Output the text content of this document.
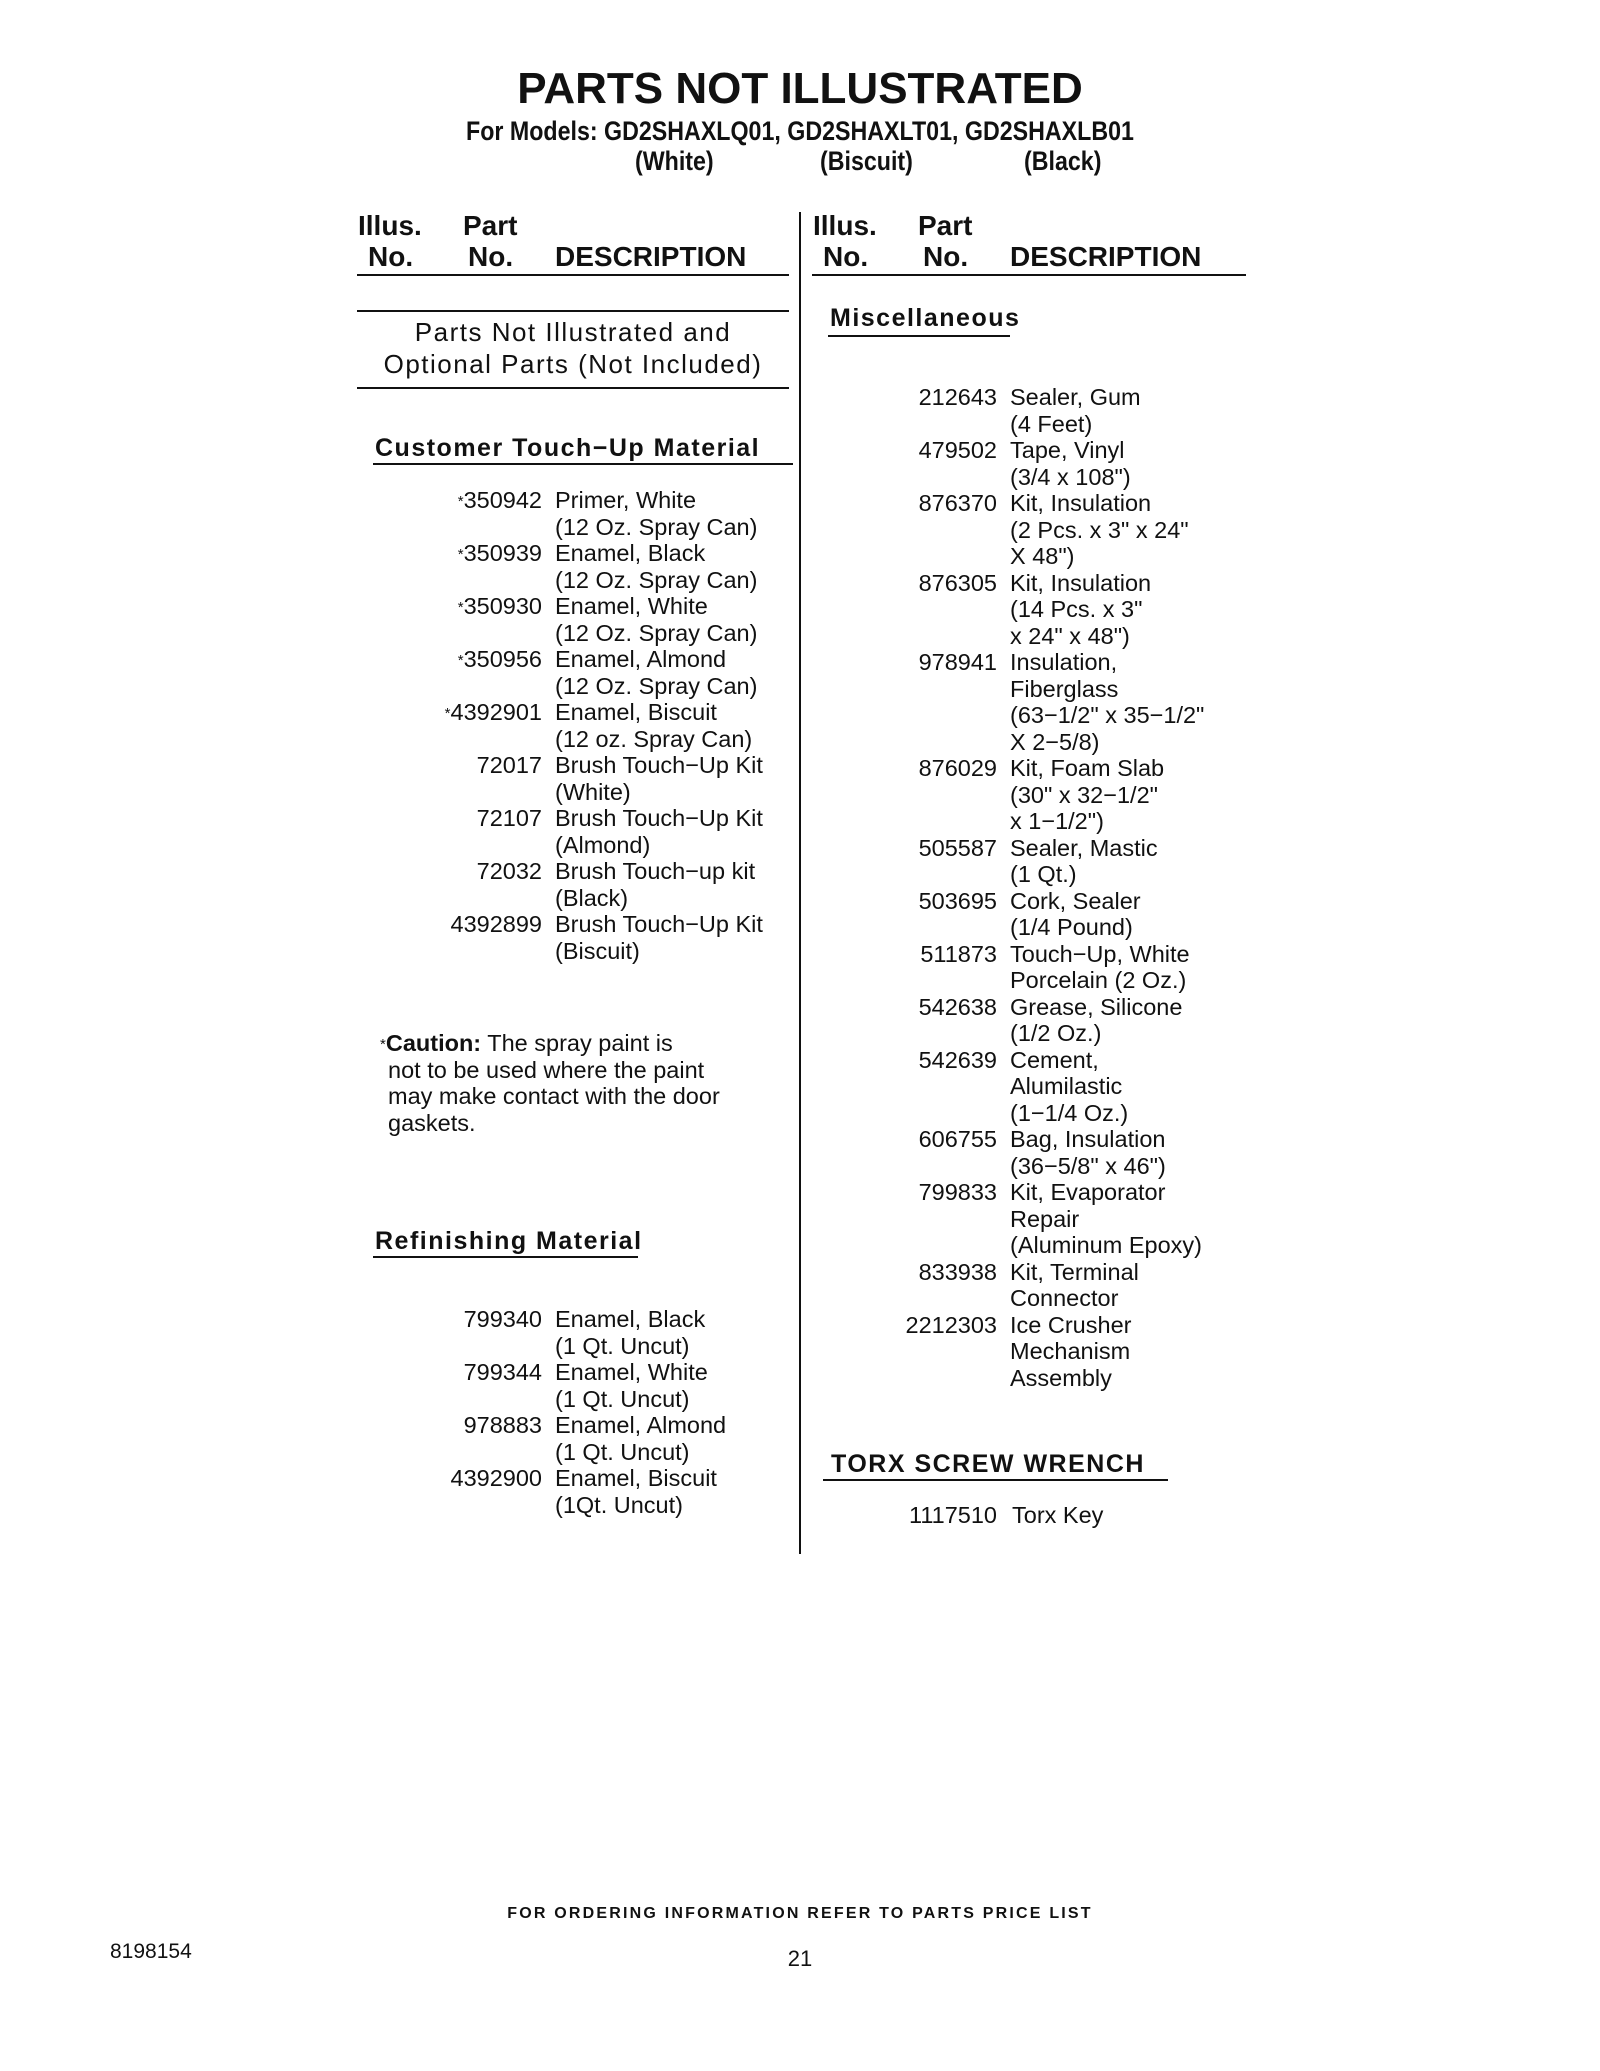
PARTS NOT ILLUSTRATED
For Models: GD2SHAXLQ01, GD2SHAXLT01, GD2SHAXLB01
(White)	(Biscuit)	(Black)
Illus. Part
No. No. DESCRIPTION
Illus. Part
No. No. DESCRIPTION
Parts Not Illustrated and
Optional Parts (Not Included)
Customer Touch−Up Material
*350942 Primer, White
(12 Oz. Spray Can)
*350939 Enamel, Black
(12 Oz. Spray Can)
*350930 Enamel, White
(12 Oz. Spray Can)
*350956 Enamel, Almond
(12 Oz. Spray Can)
*4392901 Enamel, Biscuit
(12 oz. Spray Can)
72017 Brush Touch−Up Kit
(White)
72107 Brush Touch−Up Kit
(Almond)
72032 Brush Touch−up kit
(Black)
4392899 Brush Touch−Up Kit
(Biscuit)
*Caution: The spray paint is
not to be used where the paint
may make contact with the door
gaskets.
Refinishing Material
799340 Enamel, Black
(1 Qt. Uncut)
799344 Enamel, White
(1 Qt. Uncut)
978883 Enamel, Almond
(1 Qt. Uncut)
4392900 Enamel, Biscuit
(1Qt. Uncut)
Miscellaneous
212643 Sealer, Gum
(4 Feet)
479502 Tape, Vinyl
(3/4 x 108")
876370 Kit, Insulation
(2 Pcs. x 3" x 24"
X 48")
876305 Kit, Insulation
(14 Pcs. x 3"
x 24" x 48")
978941 Insulation,
Fiberglass
(63−1/2" x 35−1/2"
X 2−5/8)
876029 Kit, Foam Slab
(30" x 32−1/2"
x 1−1/2")
505587 Sealer, Mastic
(1 Qt.)
503695 Cork, Sealer
(1/4 Pound)
511873 Touch−Up, White
Porcelain (2 Oz.)
542638 Grease, Silicone
(1/2 Oz.)
542639 Cement,
Alumilastic
(1−1/4 Oz.)
606755 Bag, Insulation
(36−5/8" x 46")
799833 Kit, Evaporator
Repair
(Aluminum Epoxy)
833938 Kit, Terminal
Connector
2212303 Ice Crusher
Mechanism
Assembly
TORX SCREW WRENCH
1117510 Torx Key
FOR ORDERING INFORMATION REFER TO PARTS PRICE LIST
8198154	21
